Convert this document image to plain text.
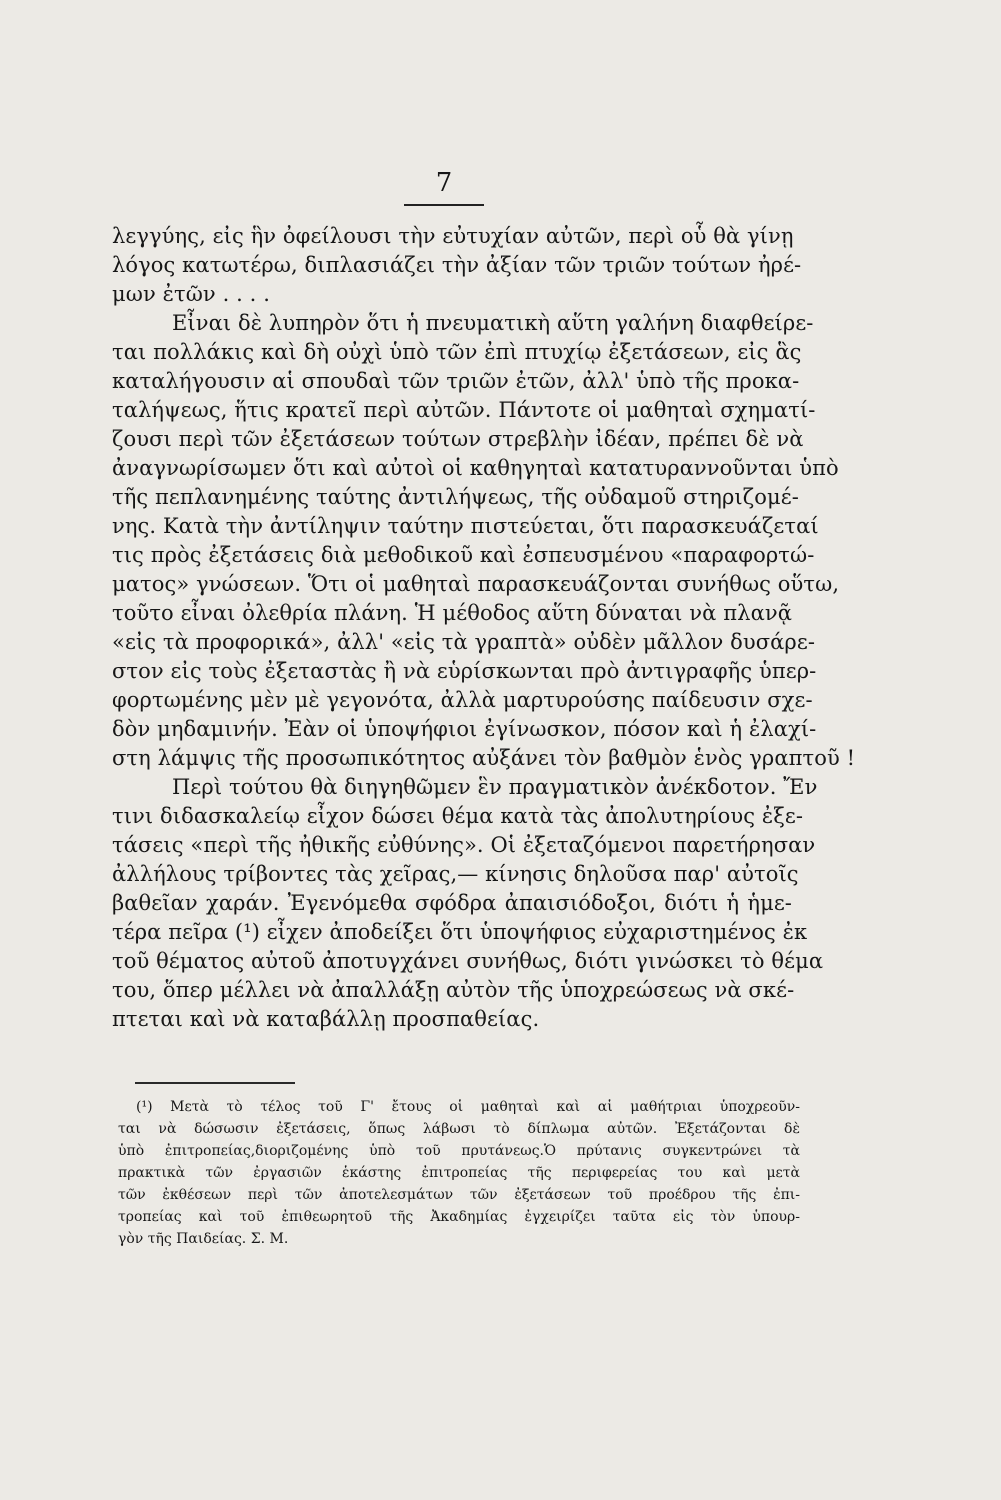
7
λεγγύης, εἰς ἣν ὀφείλουσι τὴν εὐτυχίαν αὐτῶν, περὶ οὗ θὰ γίνῃ
λόγος κατωτέρω, διπλασιάζει τὴν ἀξίαν τῶν τριῶν τούτων ἠρέ-
μων ἐτῶν . . . .
Εἶναι δὲ λυπηρὸν ὅτι ἡ πνευματικὴ αὕτη γαλήνη διαφθείρε-
ται πολλάκις καὶ δὴ οὐχὶ ὑπὸ τῶν ἐπὶ πτυχίῳ ἐξετάσεων, εἰς ἃς
καταλήγουσιν αἱ σπουδαὶ τῶν τριῶν ἐτῶν, ἀλλ' ὑπὸ τῆς προκα-
ταλήψεως, ἥτις κρατεῖ περὶ αὐτῶν. Πάντοτε οἱ μαθηταὶ σχηματί-
ζουσι περὶ τῶν ἐξετάσεων τούτων στρεβλὴν ἰδέαν, πρέπει δὲ νὰ
ἀναγνωρίσωμεν ὅτι καὶ αὐτοὶ οἱ καθηγηταὶ κατατυραννοῦνται ὑπὸ
τῆς πεπλανημένης ταύτης ἀντιλήψεως, τῆς οὐδαμοῦ στηριζομέ-
νης. Κατὰ τὴν ἀντίληψιν ταύτην πιστεύεται, ὅτι παρασκευάζεταί
τις πρὸς ἐξετάσεις διὰ μεθοδικοῦ καὶ ἐσπευσμένου «παραφορτώ-
ματος» γνώσεων. Ὅτι οἱ μαθηταὶ παρασκευάζονται συνήθως οὕτω,
τοῦτο εἶναι ὀλεθρία πλάνη. Ἡ μέθοδος αὕτη δύναται νὰ πλανᾷ
«εἰς τὰ προφορικά», ἀλλ' «εἰς τὰ γραπτὰ» οὐδὲν μᾶλλον δυσάρε-
στον εἰς τοὺς ἐξεταστὰς ἢ νὰ εὑρίσκωνται πρὸ ἀντιγραφῆς ὑπερ-
φορτωμένης μὲν μὲ γεγονότα, ἀλλὰ μαρτυρούσης παίδευσιν σχε-
δὸν μηδαμινήν. Ἐὰν οἱ ὑποψήφιοι ἐγίνωσκον, πόσον καὶ ἡ ἐλαχί-
στη λάμψις τῆς προσωπικότητος αὐξάνει τὸν βαθμὸν ἑνὸς γραπτοῦ !
Περὶ τούτου θὰ διηγηθῶμεν ἓν πραγματικὸν ἀνέκδοτον. Ἔν
τινι διδασκαλείῳ εἶχον δώσει θέμα κατὰ τὰς ἀπολυτηρίους ἐξε-
τάσεις «περὶ τῆς ἠθικῆς εὐθύνης». Οἱ ἐξεταζόμενοι παρετήρησαν
ἀλλήλους τρίβοντες τὰς χεῖρας,— κίνησις δηλοῦσα παρ' αὐτοῖς
βαθεῖαν χαράν. Ἐγενόμεθα σφόδρα ἀπαισιόδοξοι, διότι ἡ ἡμε-
τέρα πεῖρα (¹) εἶχεν ἀποδείξει ὅτι ὑποψήφιος εὐχαριστημένος ἐκ
τοῦ θέματος αὐτοῦ ἀποτυγχάνει συνήθως, διότι γινώσκει τὸ θέμα
του, ὅπερ μέλλει νὰ ἀπαλλάξῃ αὐτὸν τῆς ὑποχρεώσεως νὰ σκέ-
πτεται καὶ νὰ καταβάλλῃ προσπαθείας.
(¹) Μετὰ τὸ τέλος τοῦ Γ' ἔτους οἱ μαθηταὶ καὶ αἱ μαθήτριαι ὑποχρεοῦν-
ται νὰ δώσωσιν ἐξετάσεις, ὅπως λάβωσι τὸ δίπλωμα αὐτῶν. Ἐξετάζονται δὲ
ὑπὸ ἐπιτροπείας,διοριζομένης ὑπὸ τοῦ πρυτάνεως.Ὁ πρύτανις συγκεντρώνει τὰ
πρακτικὰ τῶν ἐργασιῶν ἑκάστης ἐπιτροπείας τῆς περιφερείας του καὶ μετὰ
τῶν ἐκθέσεων περὶ τῶν ἀποτελεσμάτων τῶν ἐξετάσεων τοῦ προέδρου τῆς ἐπι-
τροπείας καὶ τοῦ ἐπιθεωρητοῦ τῆς Ἀκαδημίας ἐγχειρίζει ταῦτα εἰς τὸν ὑπουρ-
γὸν τῆς Παιδείας. Σ. Μ.
